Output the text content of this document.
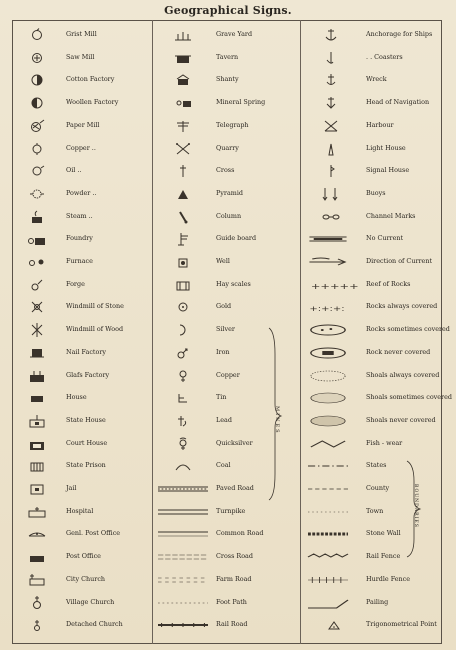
Geographical Signs.
Grist Mill
Saw Mill
Cotton Factory
Woollen Factory
Paper Mill
Copper ..
Oil ..
Powder ..
Steam ..
Foundry
Furnace
Forge
Windmill of Stone
Windmill of Wood
Nail Factory
Glafs Factory
House
State House
Court House
State Prison
Jail
Hospital
Genl. Post Office
Post Office
City Church
Village Church
Detached Church
MINES
Grave Yard
Tavern
Shanty
Mineral Spring
Telegraph
Quarry
Cross
Pyramid
Column
Guide board
Well
Hay scales
Gold
Silver
Iron
Copper
Tin
Lead
Quicksilver
Coal
Paved Road
Turnpike
Common Road
Cross Road
Farm Road
Foot Path
Rail Road
BOUNDARIES
Anchorage for Ships
. . Coasters
Wreck
Head of Navigation
Harbour
Light House
Signal House
Buoys
Channel Marks
No Current
Direction of Current
+++++ Reef of Rocks
+:+:+:	Rocks always covered
Rocks sometimes covered
Rock never covered
Shoals always covered
Shoals sometimes covered
Shoals never covered
Fish - wear
States
County
Town
Stone Wall
Rail Fence
Hurdle Fence
Pailing
Trigonometrical Point
